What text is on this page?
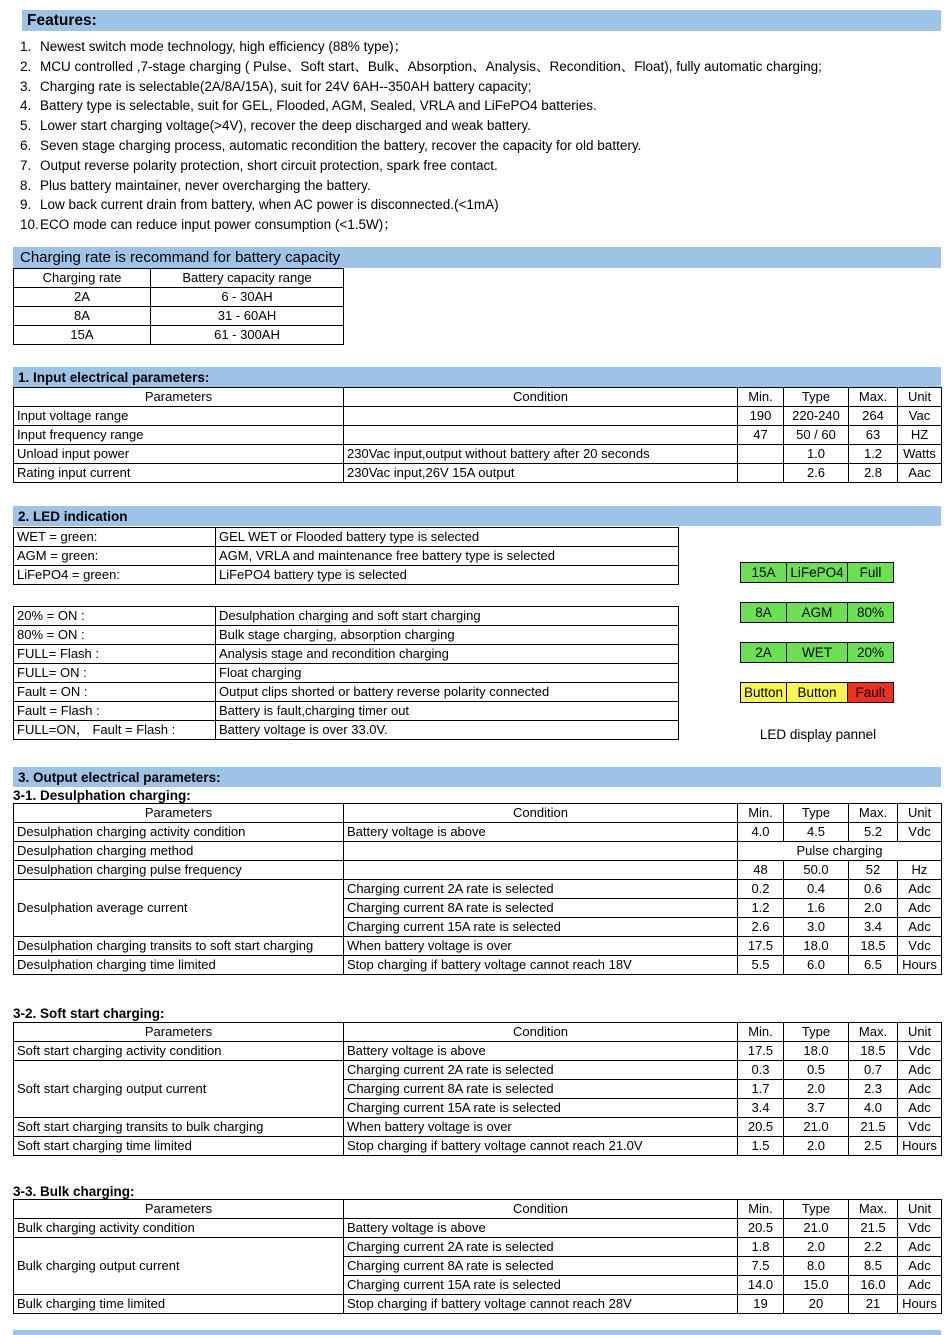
Features:
1. Newest switch mode technology, high efficiency (88% type)；
2. MCU controlled ,7-stage charging ( Pulse、Soft start、Bulk、Absorption、Analysis、Recondition、Float), fully automatic charging;
3. Charging rate is selectable(2A/8A/15A), suit for 24V 6AH--350AH battery capacity;
4. Battery type is selectable, suit for GEL, Flooded, AGM, Sealed, VRLA and LiFePO4 batteries.
5. Lower start charging voltage(>4V), recover the deep discharged and weak battery.
6. Seven stage charging process, automatic recondition the battery, recover the capacity for old battery.
7. Output reverse polarity protection, short circuit protection, spark free contact.
8. Plus battery maintainer, never overcharging the battery.
9. Low back current drain from battery, when AC power is disconnected.(<1mA)
10. ECO mode can reduce input power consumption (<1.5W)；
Charging rate is recommand for battery capacity
Charging rate	Battery capacity range
2A	6 - 30AH
8A	31 - 60AH
15A	61 - 300AH
1. Input electrical parameters:
Parameters	Condition	Min.	Type	Max.	Unit
Input voltage range		190	220-240	264	Vac
Input frequency range		47	50 / 60	63	HZ
Unload input power	230Vac input,output without battery after 20 seconds		1.0	1.2	Watts
Rating input current	230Vac input,26V 15A output		2.6	2.8	Aac
2. LED indication
WET = green:	GEL WET or Flooded battery type is selected
AGM = green:	AGM, VRLA and maintenance free battery type is selected
LiFePO4 = green:	LiFePO4 battery type is selected
20% = ON :	Desulphation charging and soft start charging
80% = ON :	Bulk stage charging, absorption charging
FULL= Flash :	Analysis stage and recondition charging
FULL= ON :	Float charging
Fault = ON :	Output clips shorted or battery reverse polarity connected
Fault = Flash :	Battery is fault,charging timer out
FULL=ON， Fault = Flash :	Battery voltage is over 33.0V.
15A	LiFePO4	Full
8A	AGM	80%
2A	WET	20%
Button	Button	Fault
LED display pannel
3. Output electrical parameters:
3-1. Desulphation charging:
Parameters	Condition	Min.	Type	Max.	Unit
Desulphation charging activity condition	Battery voltage is above	4.0	4.5	5.2	Vdc
Desulphation charging method		Pulse charging			
Desulphation charging pulse frequency		48	50.0	52	Hz
Desulphation average current	Charging current 2A rate is selected	0.2	0.4	0.6	Adc
	Charging current 8A rate is selected	1.2	1.6	2.0	Adc
	Charging current 15A rate is selected	2.6	3.0	3.4	Adc
Desulphation charging transits to soft start charging	When battery voltage is over	17.5	18.0	18.5	Vdc
Desulphation charging time limited	Stop charging if battery voltage cannot reach 18V	5.5	6.0	6.5	Hours
3-2. Soft start charging:
Parameters	Condition	Min.	Type	Max.	Unit
Soft start charging activity condition	Battery voltage is above	17.5	18.0	18.5	Vdc
Soft start charging output current	Charging current 2A rate is selected	0.3	0.5	0.7	Adc
	Charging current 8A rate is selected	1.7	2.0	2.3	Adc
	Charging current 15A rate is selected	3.4	3.7	4.0	Adc
Soft start charging transits to bulk charging	When battery voltage is over	20.5	21.0	21.5	Vdc
Soft start charging time limited	Stop charging if battery voltage cannot reach 21.0V	1.5	2.0	2.5	Hours
3-3. Bulk charging:
Parameters	Condition	Min.	Type	Max.	Unit
Bulk charging activity condition	Battery voltage is above	20.5	21.0	21.5	Vdc
Bulk charging output current	Charging current 2A rate is selected	1.8	2.0	2.2	Adc
	Charging current 8A rate is selected	7.5	8.0	8.5	Adc
	Charging current 15A rate is selected	14.0	15.0	16.0	Adc
Bulk charging time limited	Stop charging if battery voltage cannot reach 28V	19	20	21	Hours
